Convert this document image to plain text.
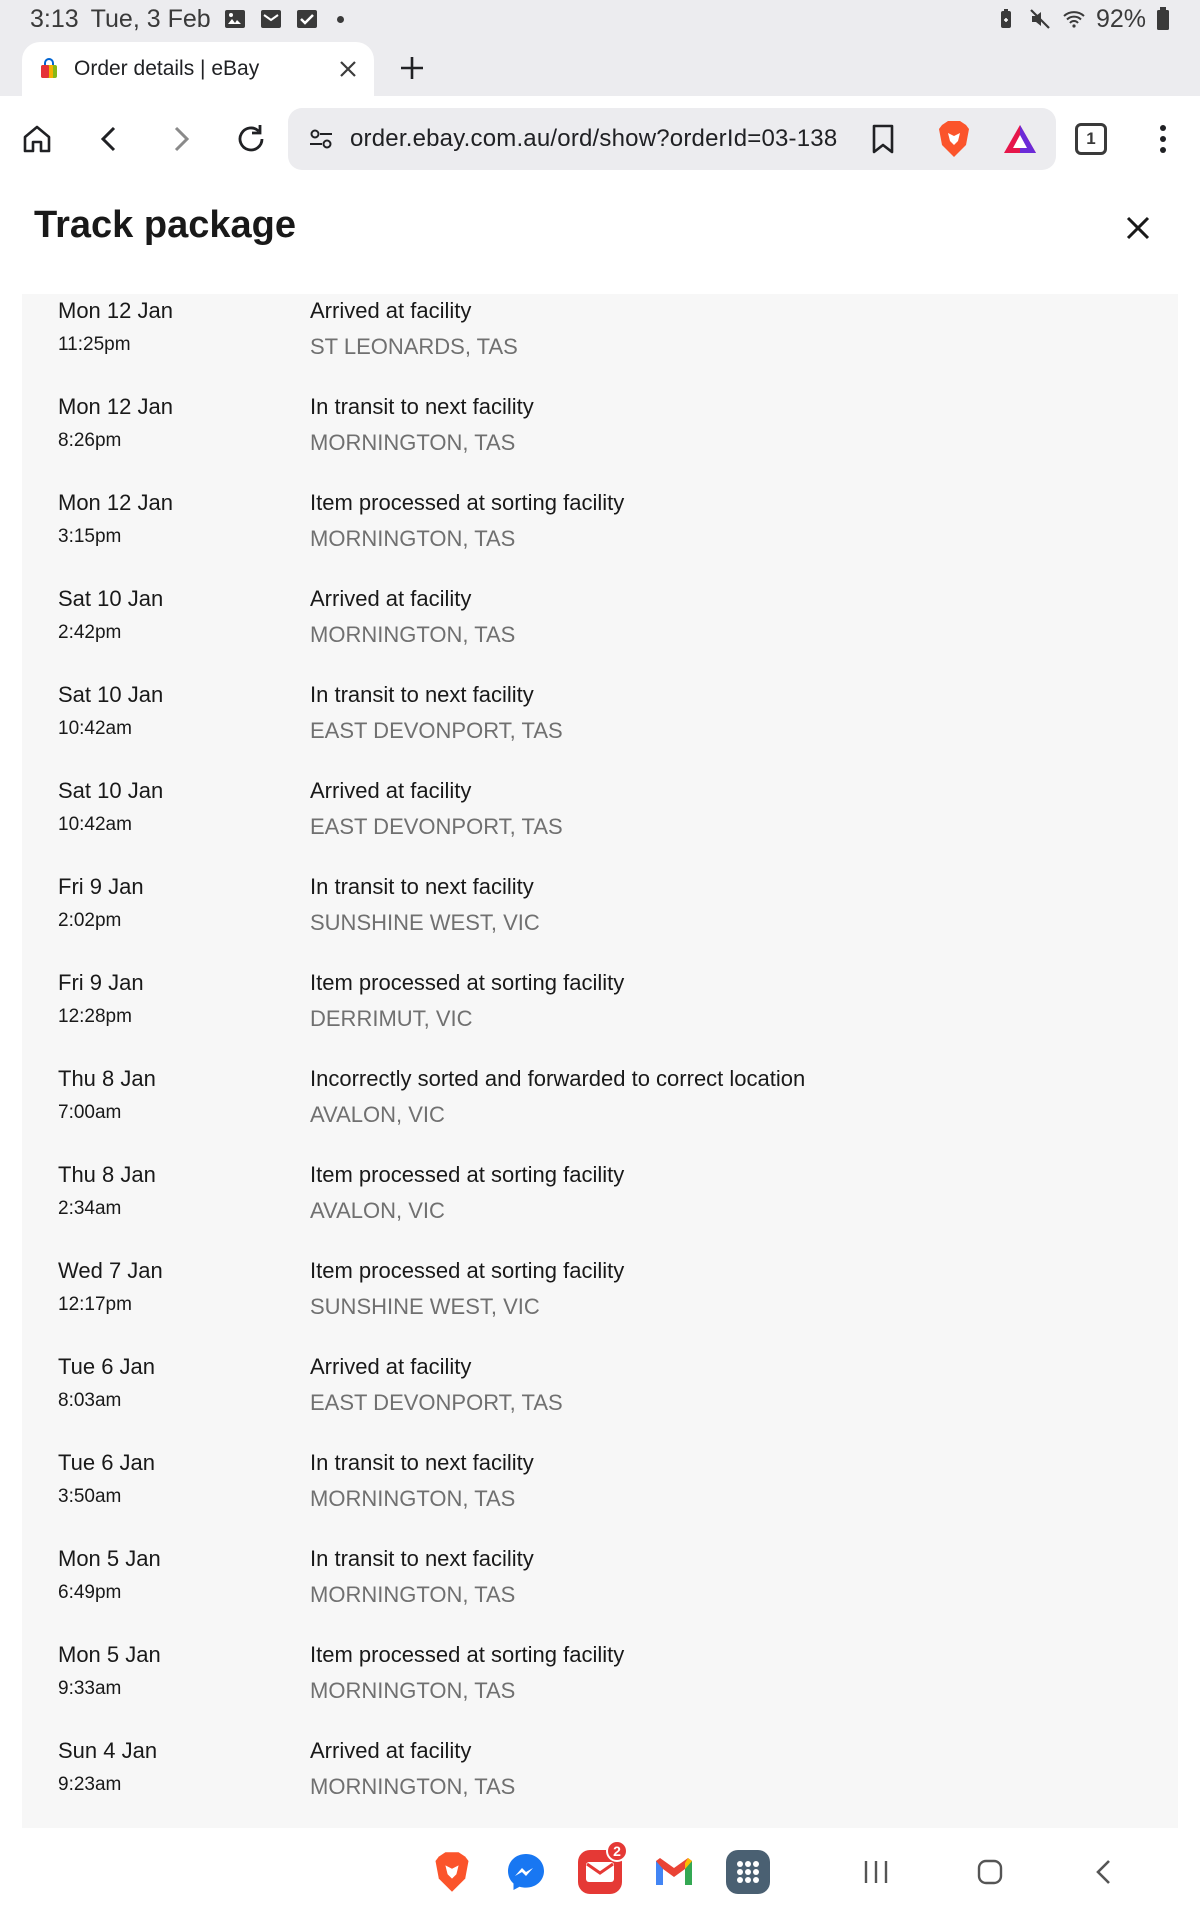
3:13 Tue, 3 Feb	92%
Order details | eBay
order.ebay.com.au/ord/show?orderId=03-138	1
Track package
Mon 12 Jan
11:25pm
Arrived at facility
ST LEONARDS, TAS
Mon 12 Jan
8:26pm
In transit to next facility
MORNINGTON, TAS
Mon 12 Jan
3:15pm
Item processed at sorting facility
MORNINGTON, TAS
Sat 10 Jan
2:42pm
Arrived at facility
MORNINGTON, TAS
Sat 10 Jan
10:42am
In transit to next facility
EAST DEVONPORT, TAS
Sat 10 Jan
10:42am
Arrived at facility
EAST DEVONPORT, TAS
Fri 9 Jan
2:02pm
In transit to next facility
SUNSHINE WEST, VIC
Fri 9 Jan
12:28pm
Item processed at sorting facility
DERRIMUT, VIC
Thu 8 Jan
7:00am
Incorrectly sorted and forwarded to correct location
AVALON, VIC
Thu 8 Jan
2:34am
Item processed at sorting facility
AVALON, VIC
Wed 7 Jan
12:17pm
Item processed at sorting facility
SUNSHINE WEST, VIC
Tue 6 Jan
8:03am
Arrived at facility
EAST DEVONPORT, TAS
Tue 6 Jan
3:50am
In transit to next facility
MORNINGTON, TAS
Mon 5 Jan
6:49pm
In transit to next facility
MORNINGTON, TAS
Mon 5 Jan
9:33am
Item processed at sorting facility
MORNINGTON, TAS
Sun 4 Jan
9:23am
Arrived at facility
MORNINGTON, TAS
2
